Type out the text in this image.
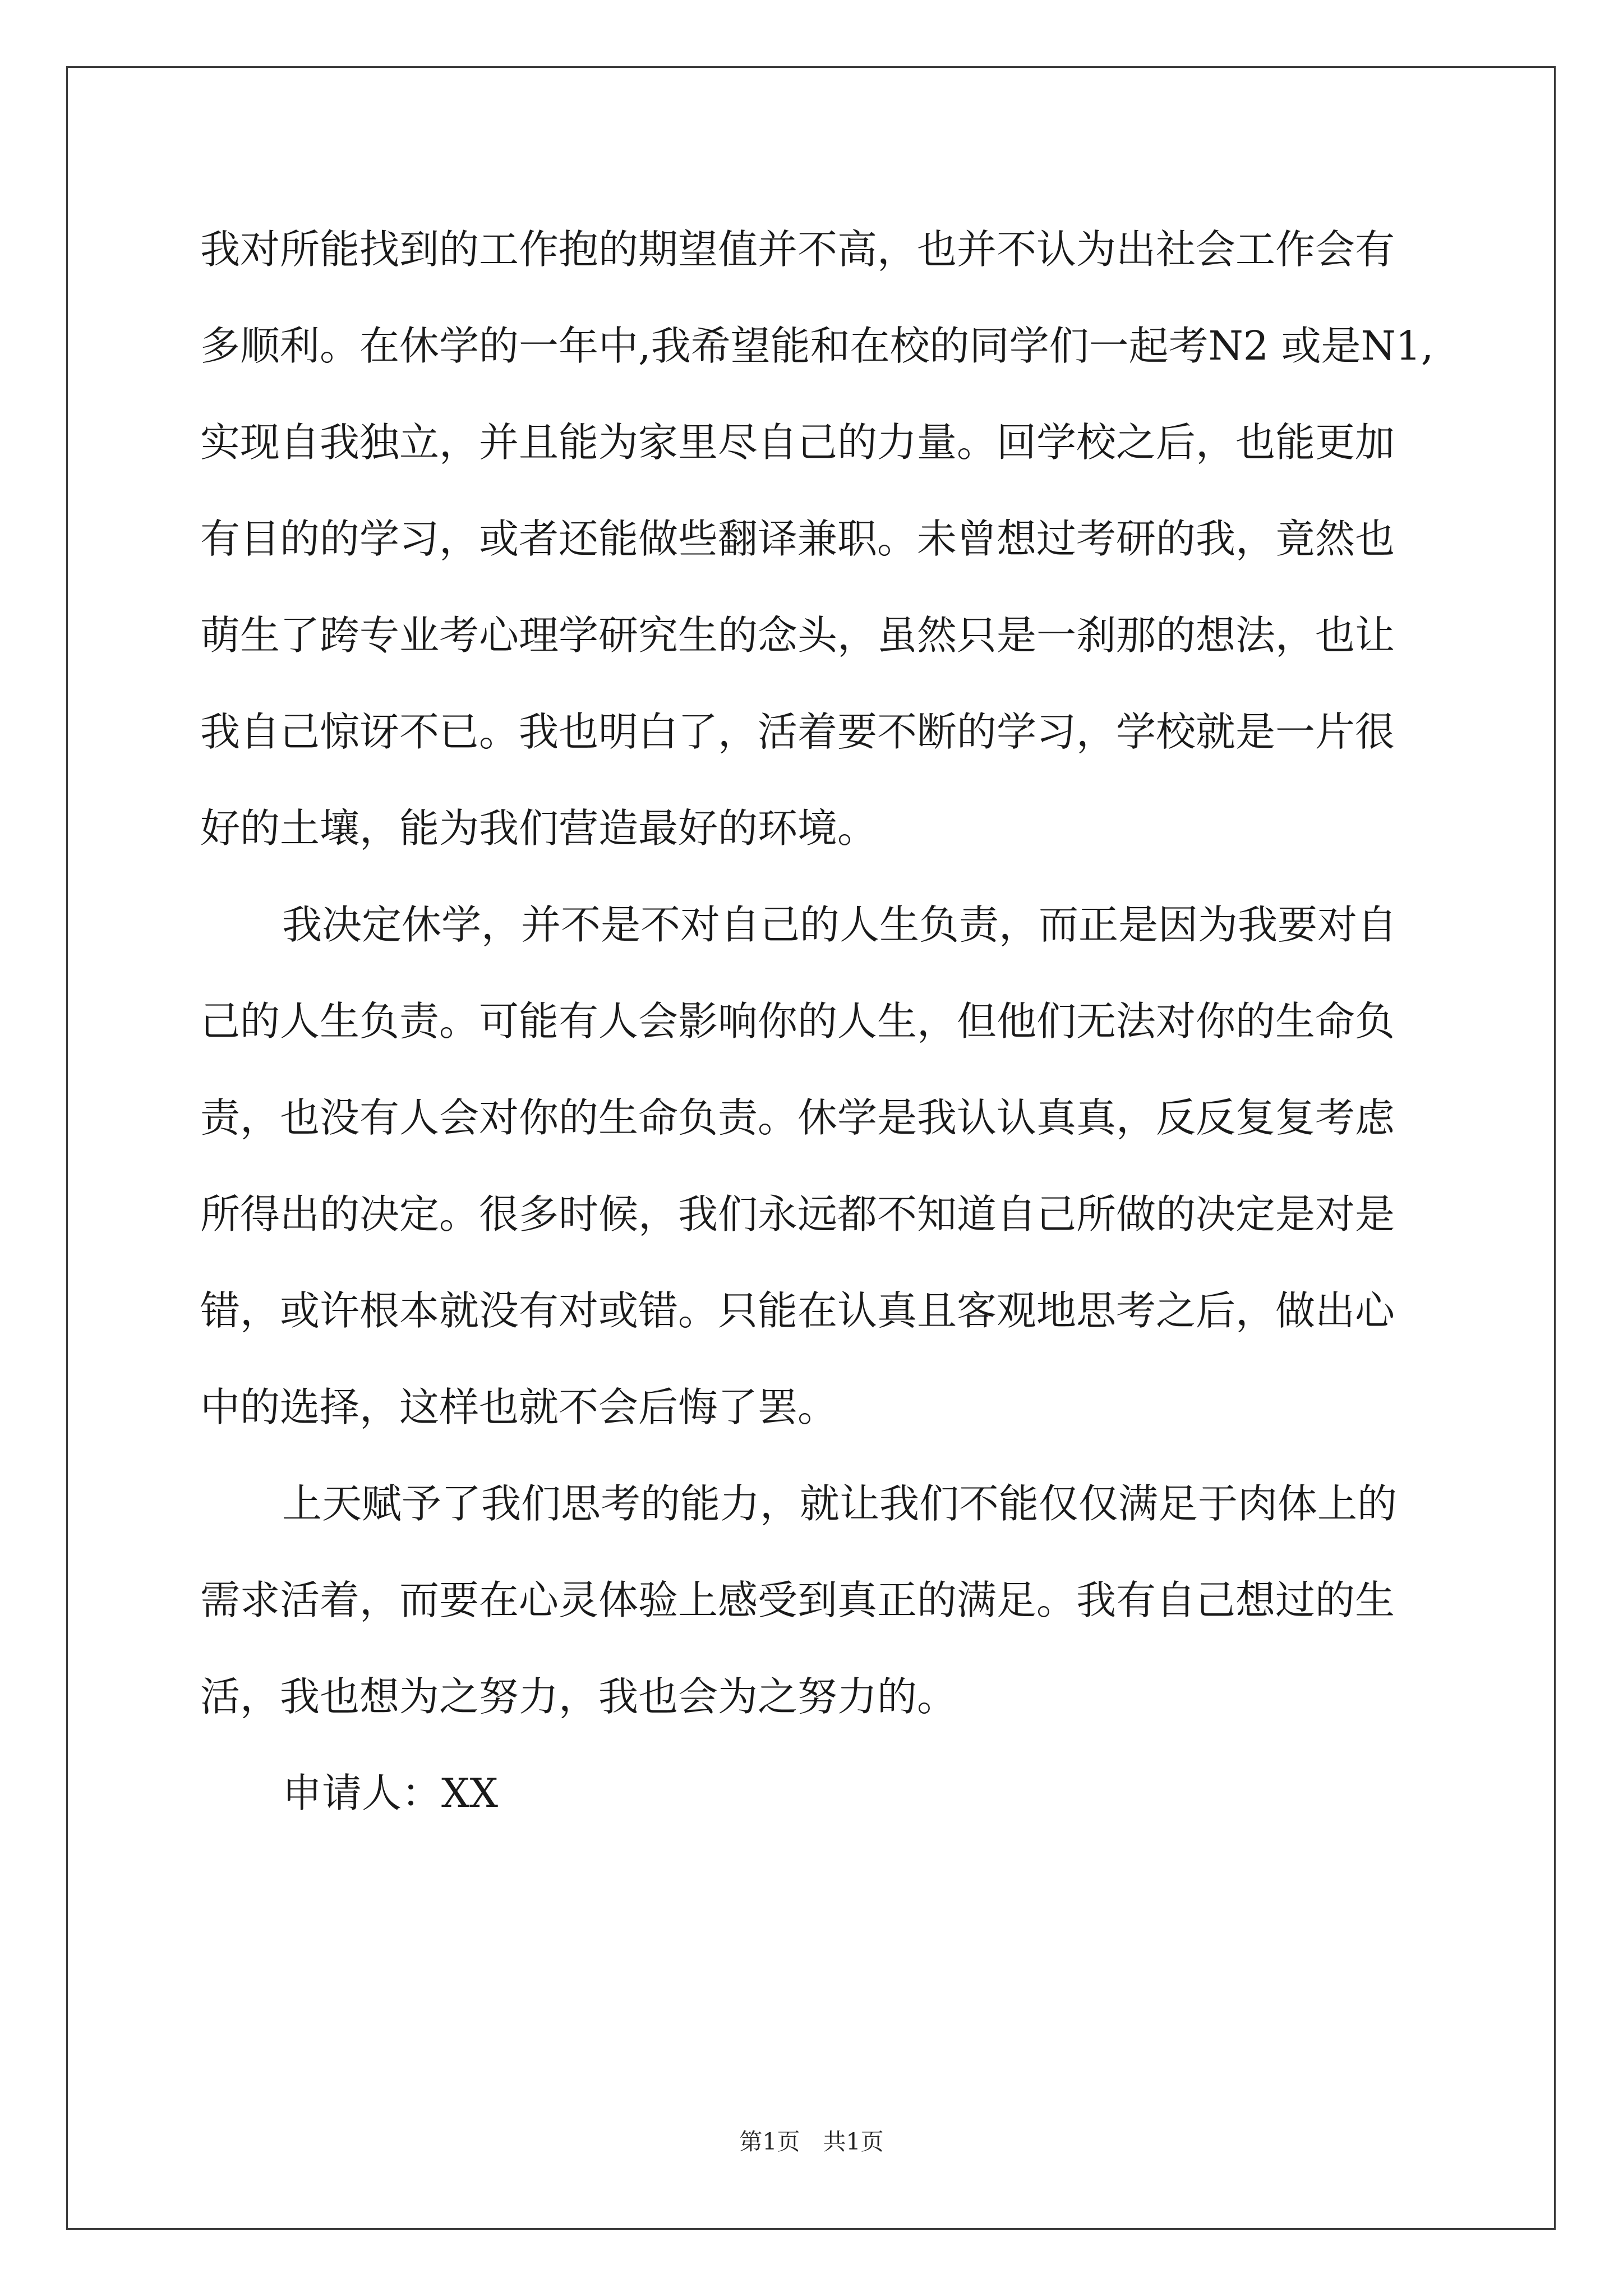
我对所能找到的工作抱的期望值并不高，也并不认为出社会工作会有
多顺利。在休学的一年中,我希望能和在校的同学们一起考N2 或是N1,
实现自我独立，并且能为家里尽自己的力量。回学校之后，也能更加
有目的的学习，或者还能做些翻译兼职。未曾想过考研的我，竟然也
萌生了跨专业考心理学研究生的念头，虽然只是一刹那的想法，也让
我自己惊讶不已。我也明白了，活着要不断的学习，学校就是一片很
好的土壤，能为我们营造最好的环境。
我决定休学，并不是不对自己的人生负责，而正是因为我要对自
己的人生负责。可能有人会影响你的人生，但他们无法对你的生命负
责，也没有人会对你的生命负责。休学是我认认真真，反反复复考虑
所得出的决定。很多时候，我们永远都不知道自己所做的决定是对是
错，或许根本就没有对或错。只能在认真且客观地思考之后，做出心
中的选择，这样也就不会后悔了罢。
上天赋予了我们思考的能力，就让我们不能仅仅满足于肉体上的
需求活着，而要在心灵体验上感受到真正的满足。我有自己想过的生
活，我也想为之努力，我也会为之努力的。
申请人：XX
第1页　共1页
